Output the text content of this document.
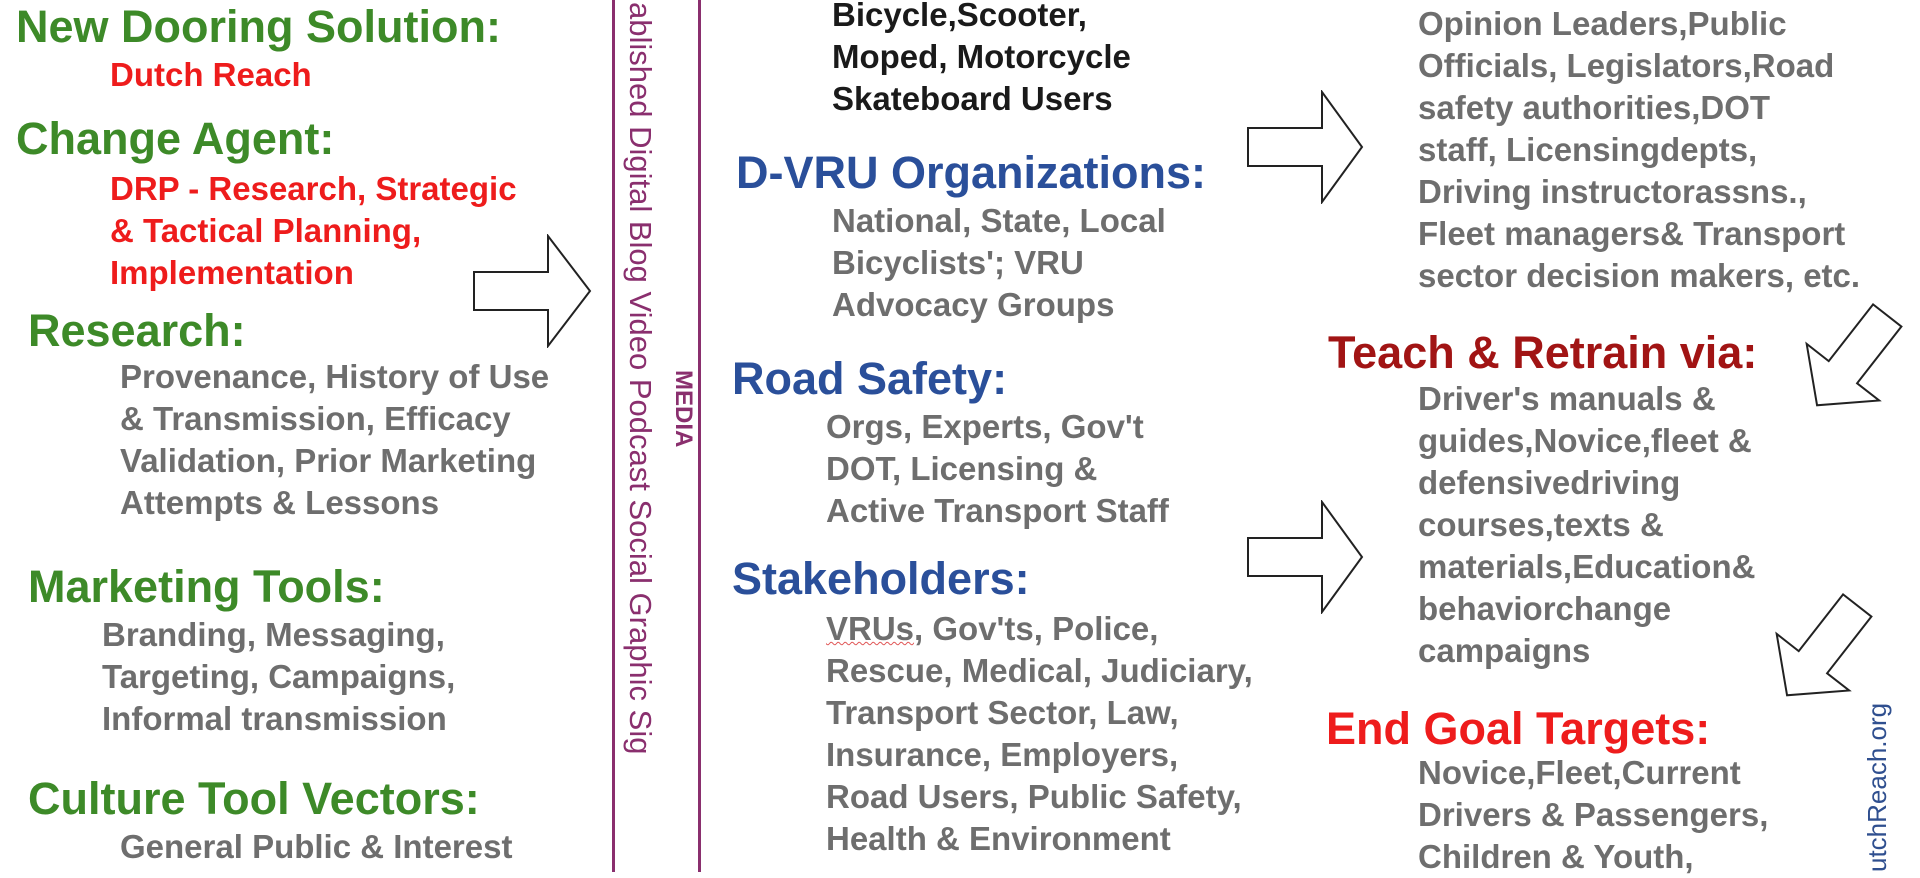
New Dooring Solution:
Dutch Reach
Change Agent:
DRP - Research, Strategic
& Tactical Planning,
Implementation
Research:
Provenance, History of Use
& Transmission, Efficacy
Validation, Prior Marketing
Attempts & Lessons
Marketing Tools:
Branding, Messaging,
Targeting, Campaigns,
Informal transmission
Culture Tool Vectors:
General Public & Interest
ablished Digital Blog Video Podcast Social Graphic Sig MEDIA
Bicycle,Scooter,
Moped, Motorcycle
Skateboard Users
D-VRU Organizations:
National, State, Local
Bicyclists'; VRU
Advocacy Groups
Road Safety:
Orgs, Experts, Gov't
DOT, Licensing &
Active Transport Staff
Stakeholders:
VRUs, Gov'ts, Police,
Rescue, Medical, Judiciary,
Transport Sector, Law,
Insurance, Employers,
Road Users, Public Safety,
Health & Environment
Opinion Leaders,Public
Officials, Legislators,Road
safety authorities,DOT
staff, Licensingdepts,
Driving instructorassns.,
Fleet managers& Transport
sector decision makers, etc.
Teach & Retrain via:
Driver's manuals &
guides,Novice,fleet &
defensivedriving
courses,texts &
materials,Education&
behaviorchange
campaigns
End Goal Targets:
Novice,Fleet,Current
Drivers & Passengers,
Children & Youth,	utchReach.org
